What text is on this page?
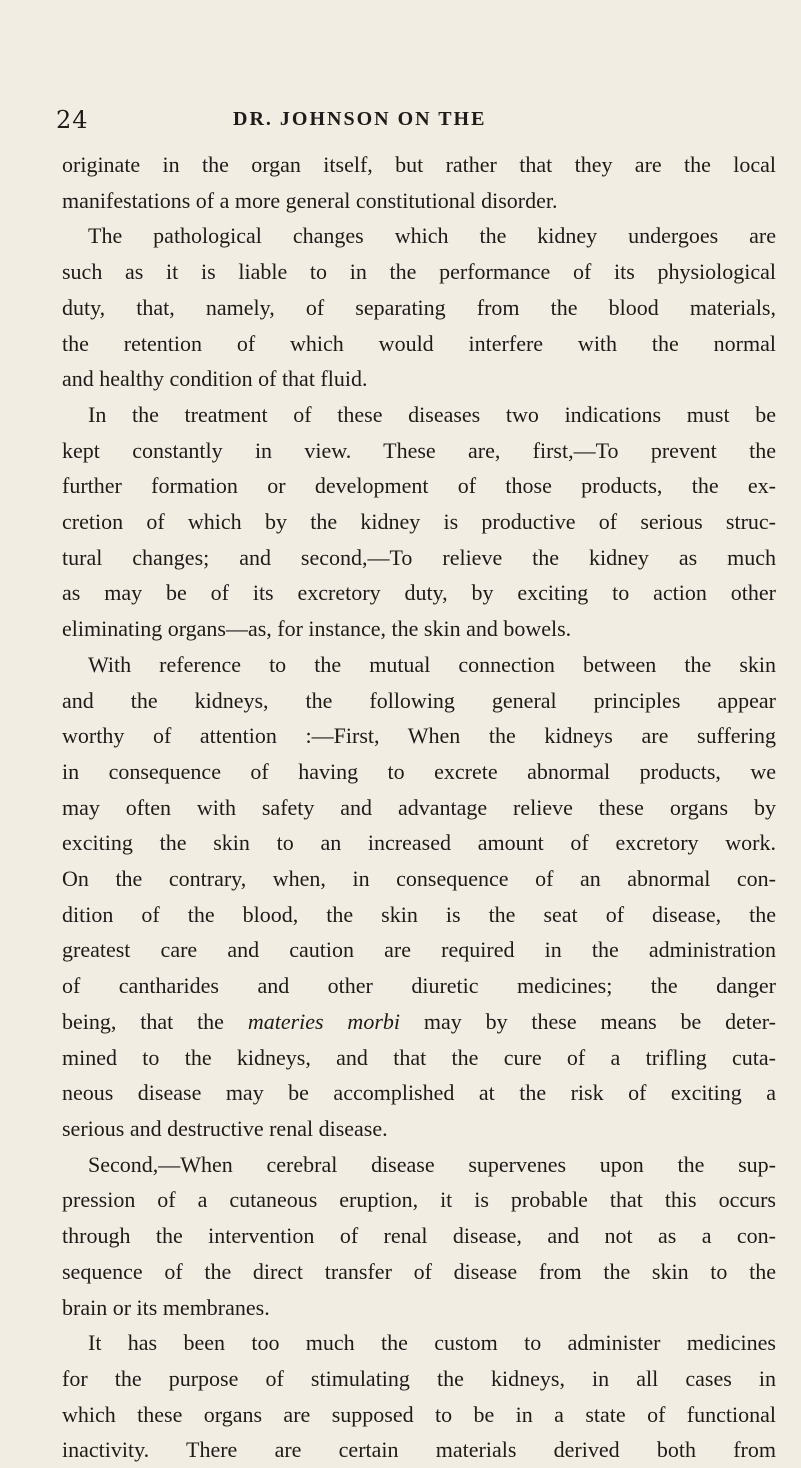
24	DR. JOHNSON ON THE
originate in the organ itself, but rather that they are the local
manifestations of a more general constitutional disorder.
The pathological changes which the kidney undergoes are
such as it is liable to in the performance of its physiological
duty, that, namely, of separating from the blood materials,
the retention of which would interfere with the normal
and healthy condition of that fluid.
In the treatment of these diseases two indications must be
kept constantly in view. These are, first,—To prevent the
further formation or development of those products, the ex-
cretion of which by the kidney is productive of serious struc-
tural changes; and second,—To relieve the kidney as much
as may be of its excretory duty, by exciting to action other
eliminating organs—as, for instance, the skin and bowels.
With reference to the mutual connection between the skin
and the kidneys, the following general principles appear
worthy of attention :—First, When the kidneys are suffering
in consequence of having to excrete abnormal products, we
may often with safety and advantage relieve these organs by
exciting the skin to an increased amount of excretory work.
On the contrary, when, in consequence of an abnormal con-
dition of the blood, the skin is the seat of disease, the
greatest care and caution are required in the administration
of cantharides and other diuretic medicines; the danger
being, that the materies morbi may by these means be deter-
mined to the kidneys, and that the cure of a trifling cuta-
neous disease may be accomplished at the risk of exciting a
serious and destructive renal disease.
Second,—When cerebral disease supervenes upon the sup-
pression of a cutaneous eruption, it is probable that this occurs
through the intervention of renal disease, and not as a con-
sequence of the direct transfer of disease from the skin to the
brain or its membranes.
It has been too much the custom to administer medicines
for the purpose of stimulating the kidneys, in all cases in
which these organs are supposed to be in a state of functional
inactivity. There are certain materials derived both from
